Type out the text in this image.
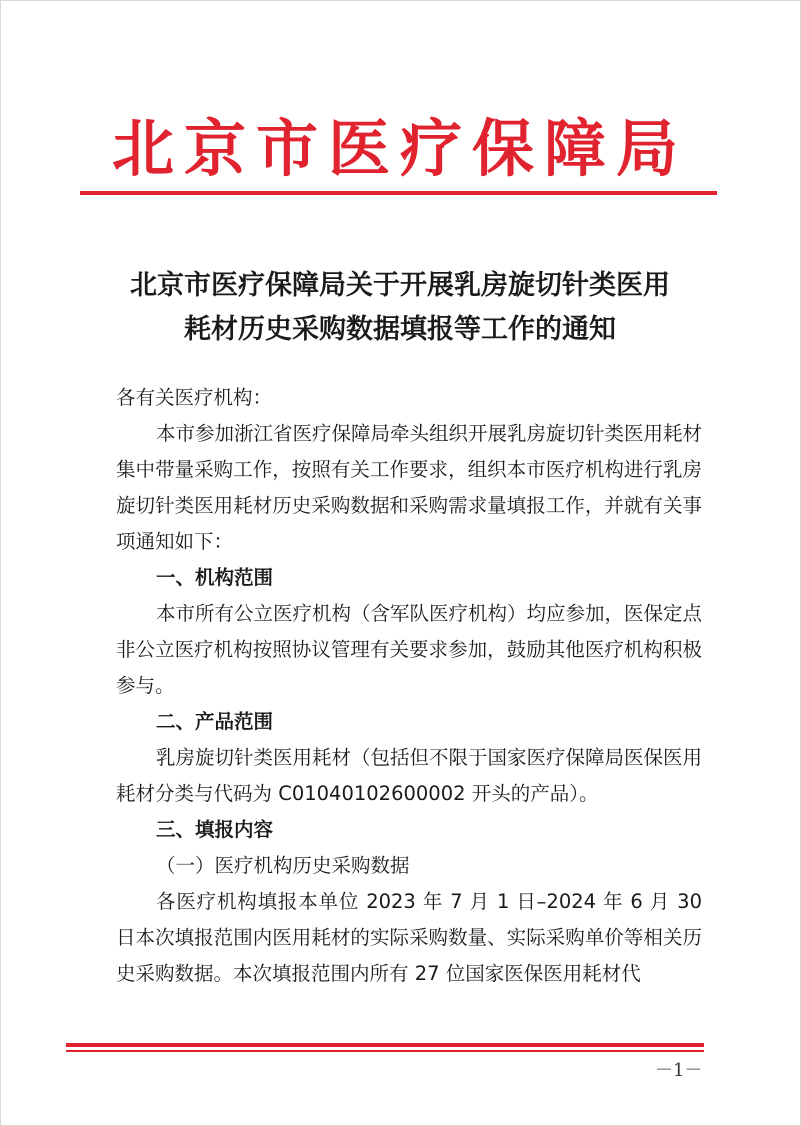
北京市医疗保障局
北京市医疗保障局关于开展乳房旋切针类医用
耗材历史采购数据填报等工作的通知

各有关医疗机构：

本市参加浙江省医疗保障局牵头组织开展乳房旋切针类医用耗材集中带量采购工作，按照有关工作要求，组织本市医疗机构进行乳房旋切针类医用耗材历史采购数据和采购需求量填报工作，并就有关事项通知如下：

一、机构范围

本市所有公立医疗机构（含军队医疗机构）均应参加，医保定点非公立医疗机构按照协议管理有关要求参加，鼓励其他医疗机构积极参与。

二、产品范围

乳房旋切针类医用耗材（包括但不限于国家医疗保障局医保医用耗材分类与代码为 C01040102600002 开头的产品）。

三、填报内容

（一）医疗机构历史采购数据

各医疗机构填报本单位 2023 年 7 月 1 日–2024 年 6 月 30 日本次填报范围内医用耗材的实际采购数量、实际采购单价等相关历史采购数据。本次填报范围内所有 27 位国家医保医用耗材代

－1－
